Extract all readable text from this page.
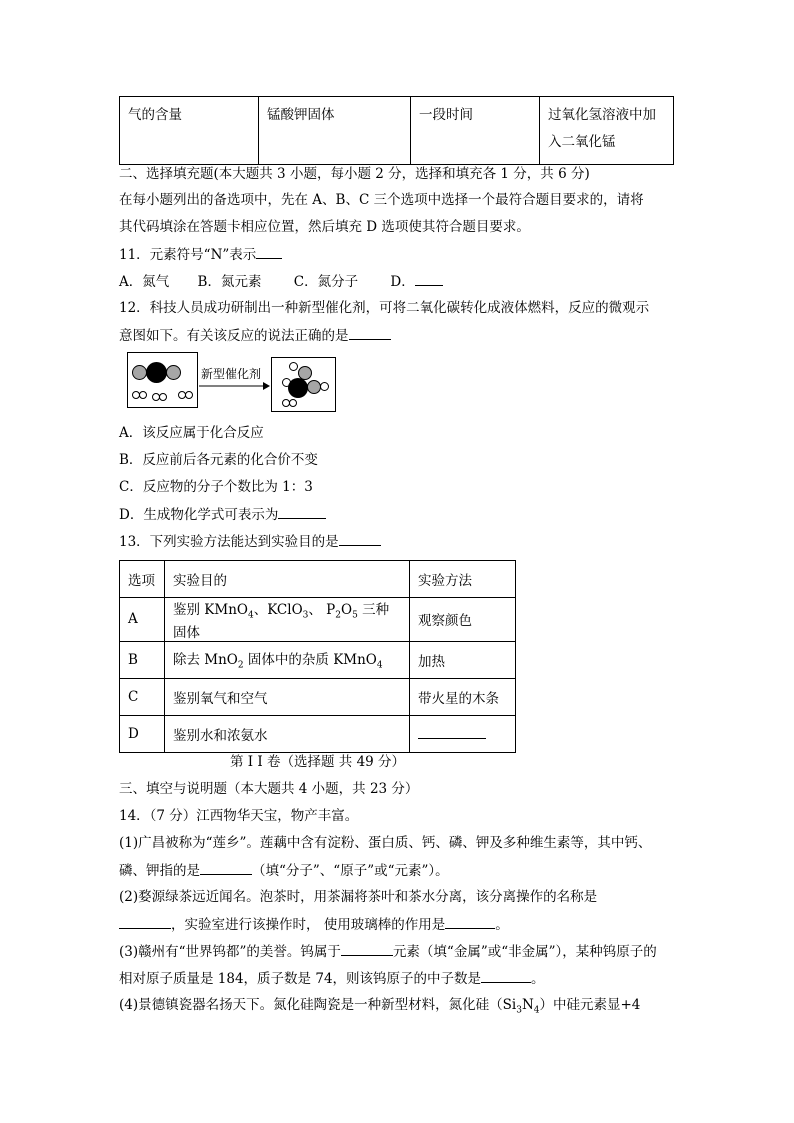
气的含量	锰酸钾固体	一段时间	过氧化氢溶液中加
入二氧化锰
二、选择填充题(本大题共 3 小题，每小题 2 分，选择和填充各 1 分，共 6 分)
在每小题列出的备选项中，先在 A、B、C 三个选项中选择一个最符合题目要求的，请将
其代码填涂在答题卡相应位置，然后填充 D 选项使其符合题目要求。
11．元素符号“N”表示
A．氮气 B．氮元素 C．氮分子 D．
12．科技人员成功研制出一种新型催化剂，可将二氧化碳转化成液体燃料，反应的微观示
意图如下。有关该反应的说法正确的是
新型催化剂
A．该反应属于化合反应
B．反应前后各元素的化合价不变
C．反应物的分子个数比为 1：3
D．生成物化学式可表示为
13．下列实验方法能达到实验目的是
选项	实验目的	实验方法
A	鉴别 KMnO$_4$、KClO$_3$、 $P_2O_5$ 三种固体	观察颜色
B	除去 MnO$_2$ 固体中的杂质 KMnO$_4$	加热
C	鉴别氧气和空气	带火星的木条
D	鉴别水和浓氨水	
第 I I 卷（选择题 共 49 分）
三、填空与说明题（本大题共 4 小题，共 23 分）
14．（7 分）江西物华天宝，物产丰富。
(1)广昌被称为“莲乡”。莲藕中含有淀粉、蛋白质、钙、磷、钾及多种维生素等，其中钙、
磷、钾指的是	（填“分子”、“原子”或“元素”）。
(2)婺源绿茶远近闻名。泡茶时，用茶漏将茶叶和茶水分离，该分离操作的名称是
，实验室进行该操作时， 使用玻璃棒的作用是	。
(3)赣州有“世界钨都”的美誉。钨属于	元素（填“金属”或“非金属”），某种钨原子的
相对原子质量是 184，质子数是 74，则该钨原子的中子数是	。
(4)景德镇瓷器名扬天下。氮化硅陶瓷是一种新型材料，氮化硅$(Si_3N_4)$中硅元素显+4
